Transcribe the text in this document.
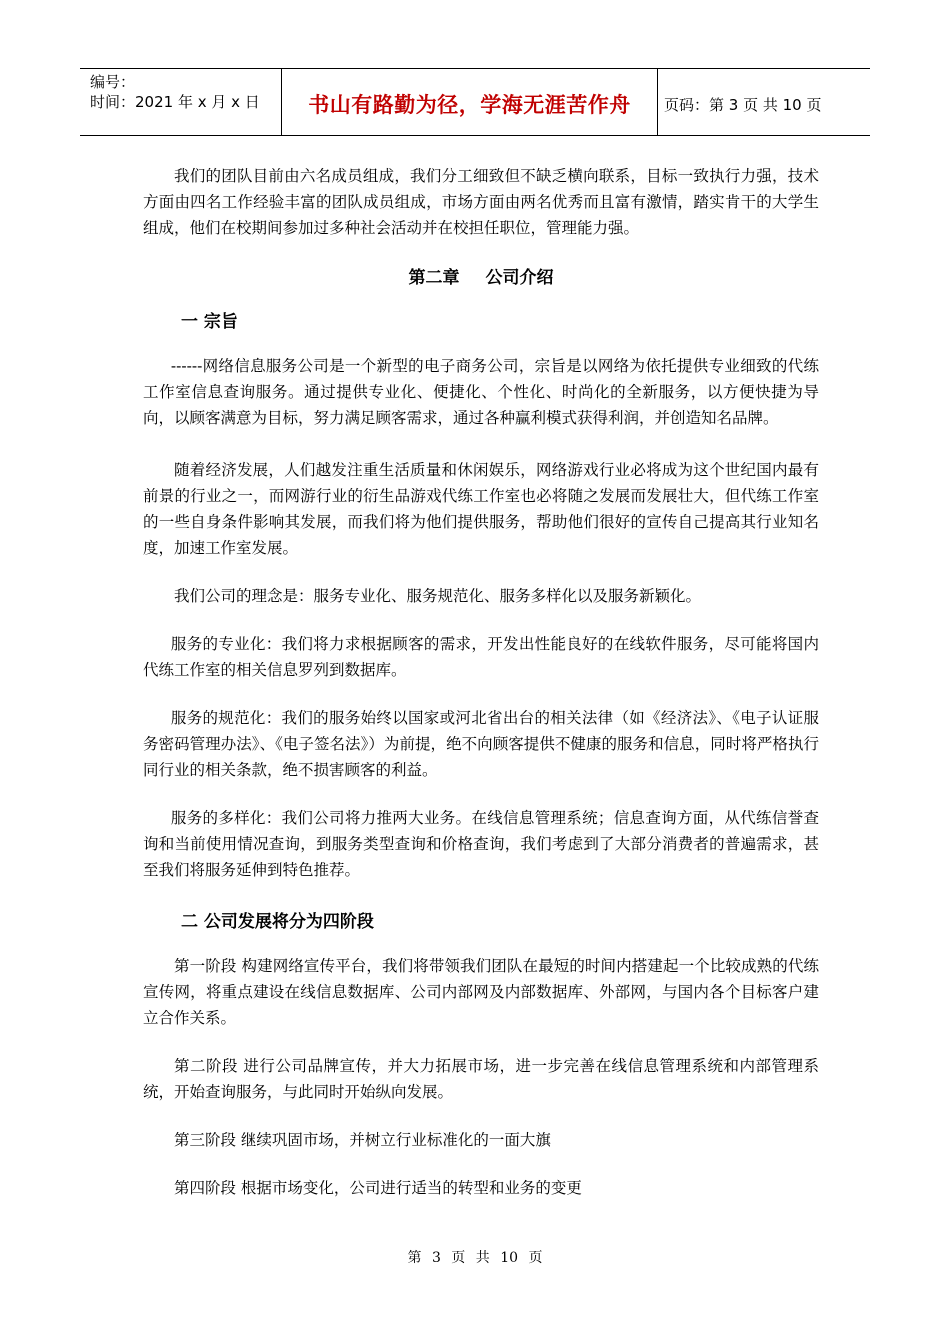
编号：
时间：2021 年 x 月 x 日	书山有路勤为径，学海无涯苦作舟 页码：第 3 页 共 10 页

我们的团队目前由六名成员组成，我们分工细致但不缺乏横向联系，目标一致执行力强，技术方面由四名工作经验丰富的团队成员组成，市场方面由两名优秀而且富有激情，踏实肯干的大学生组成，他们在校期间参加过多种社会活动并在校担任职位，管理能力强。

第二章 公司介绍

一 宗旨

------网络信息服务公司是一个新型的电子商务公司，宗旨是以网络为依托提供专业细致的代练工作室信息查询服务。通过提供专业化、便捷化、个性化、时尚化的全新服务，以方便快捷为导向，以顾客满意为目标，努力满足顾客需求，通过各种赢利模式获得利润，并创造知名品牌。

随着经济发展，人们越发注重生活质量和休闲娱乐，网络游戏行业必将成为这个世纪国内最有前景的行业之一，而网游行业的衍生品游戏代练工作室也必将随之发展而发展壮大，但代练工作室的一些自身条件影响其发展，而我们将为他们提供服务，帮助他们很好的宣传自己提高其行业知名度，加速工作室发展。

我们公司的理念是：服务专业化、服务规范化、服务多样化以及服务新颖化。

服务的专业化：我们将力求根据顾客的需求，开发出性能良好的在线软件服务，尽可能将国内代练工作室的相关信息罗列到数据库。

服务的规范化：我们的服务始终以国家或河北省出台的相关法律（如《经济法》、《电子认证服务密码管理办法》、《电子签名法》）为前提，绝不向顾客提供不健康的服务和信息，同时将严格执行同行业的相关条款，绝不损害顾客的利益。

服务的多样化：我们公司将力推两大业务。在线信息管理系统；信息查询方面，从代练信誉查询和当前使用情况查询，到服务类型查询和价格查询，我们考虑到了大部分消费者的普遍需求，甚至我们将服务延伸到特色推荐。

二 公司发展将分为四阶段

第一阶段 构建网络宣传平台，我们将带领我们团队在最短的时间内搭建起一个比较成熟的代练宣传网，将重点建设在线信息数据库、公司内部网及内部数据库、外部网，与国内各个目标客户建立合作关系。

第二阶段 进行公司品牌宣传，并大力拓展市场，进一步完善在线信息管理系统和内部管理系统，开始查询服务，与此同时开始纵向发展。

第三阶段 继续巩固市场，并树立行业标准化的一面大旗

第四阶段 根据市场变化，公司进行适当的转型和业务的变更

第 3 页 共 10 页
